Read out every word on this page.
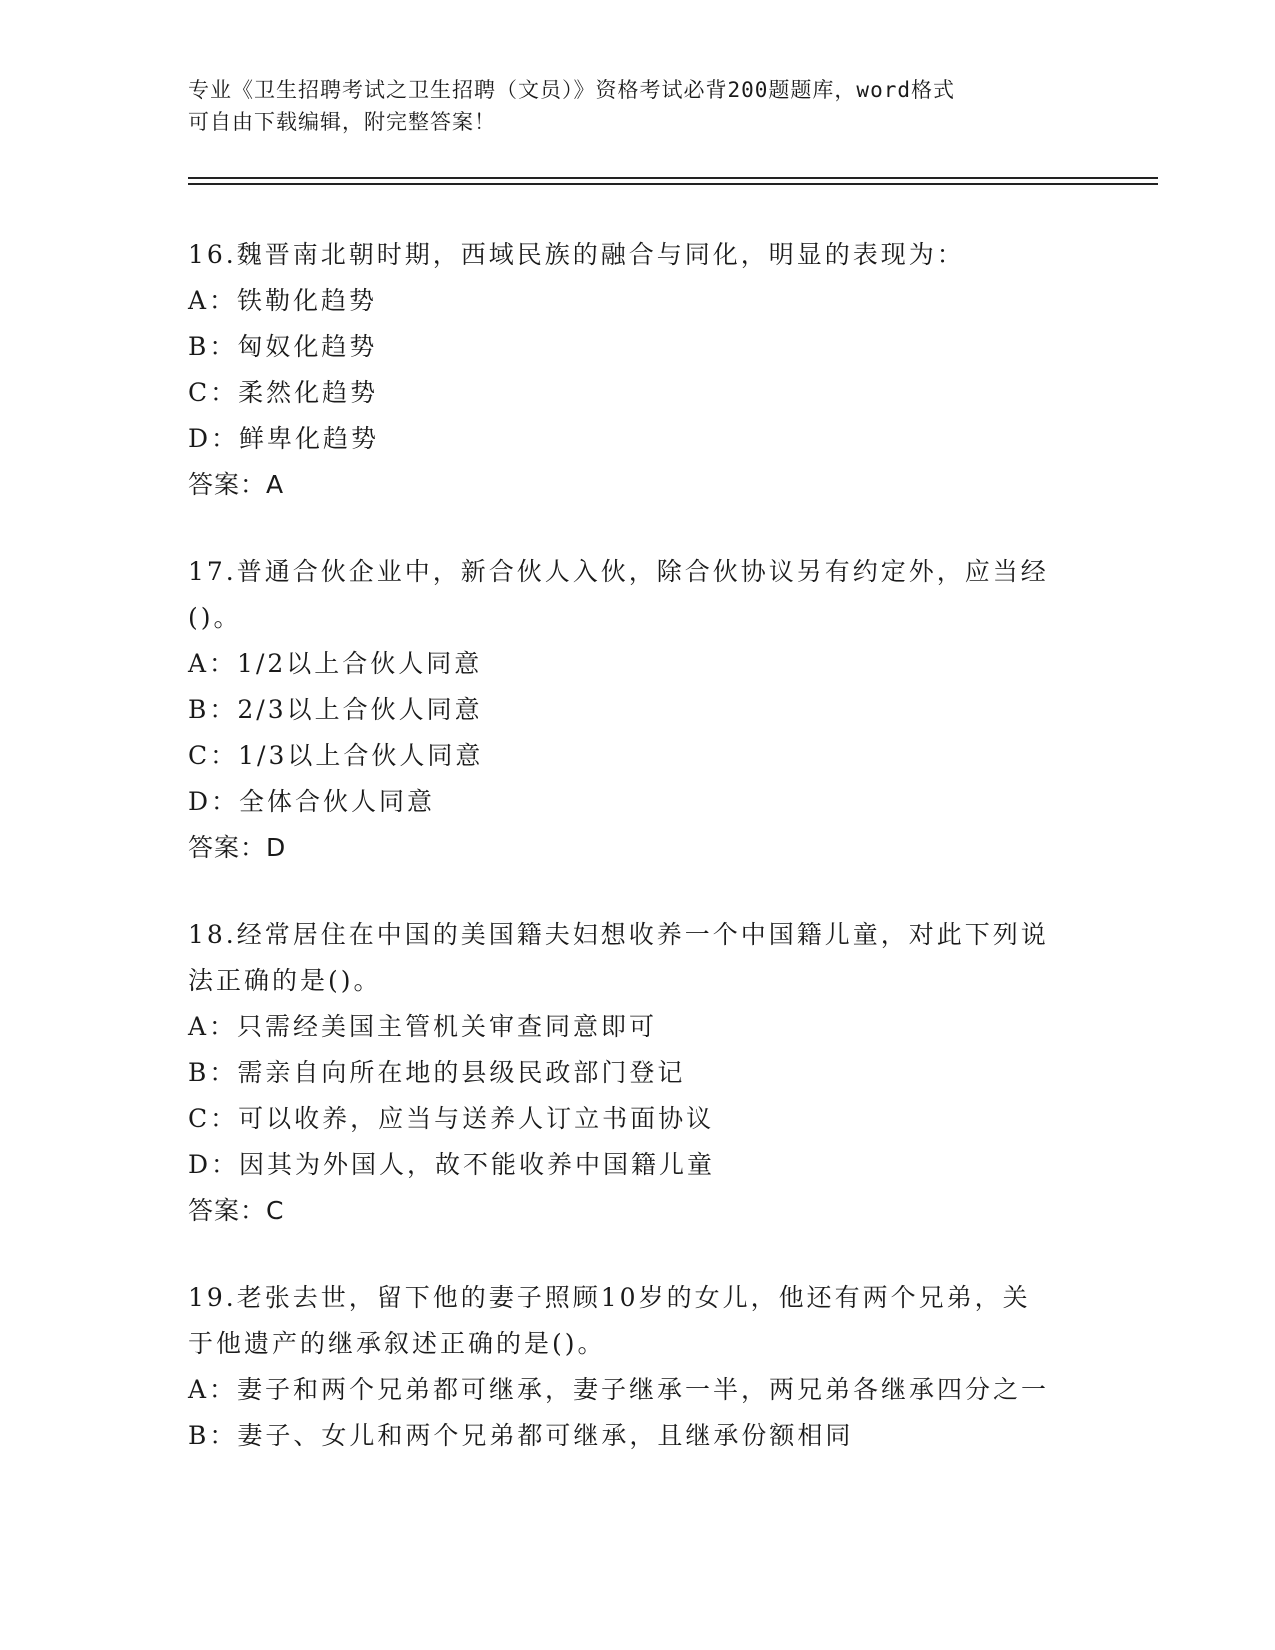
专业《卫生招聘考试之卫生招聘（文员）》资格考试必背200题题库，word格式
可自由下载编辑，附完整答案！
16.魏晋南北朝时期，西域民族的融合与同化，明显的表现为：
A：铁勒化趋势
B：匈奴化趋势
C：柔然化趋势
D：鲜卑化趋势
答案：A
17.普通合伙企业中，新合伙人入伙，除合伙协议另有约定外，应当经
()。
A：1/2以上合伙人同意
B：2/3以上合伙人同意
C：1/3以上合伙人同意
D：全体合伙人同意
答案：D
18.经常居住在中国的美国籍夫妇想收养一个中国籍儿童，对此下列说
法正确的是()。
A：只需经美国主管机关审查同意即可
B：需亲自向所在地的县级民政部门登记
C：可以收养，应当与送养人订立书面协议
D：因其为外国人，故不能收养中国籍儿童
答案：C
19.老张去世，留下他的妻子照顾10岁的女儿，他还有两个兄弟，关
于他遗产的继承叙述正确的是()。
A：妻子和两个兄弟都可继承，妻子继承一半，两兄弟各继承四分之一
B：妻子、女儿和两个兄弟都可继承，且继承份额相同
